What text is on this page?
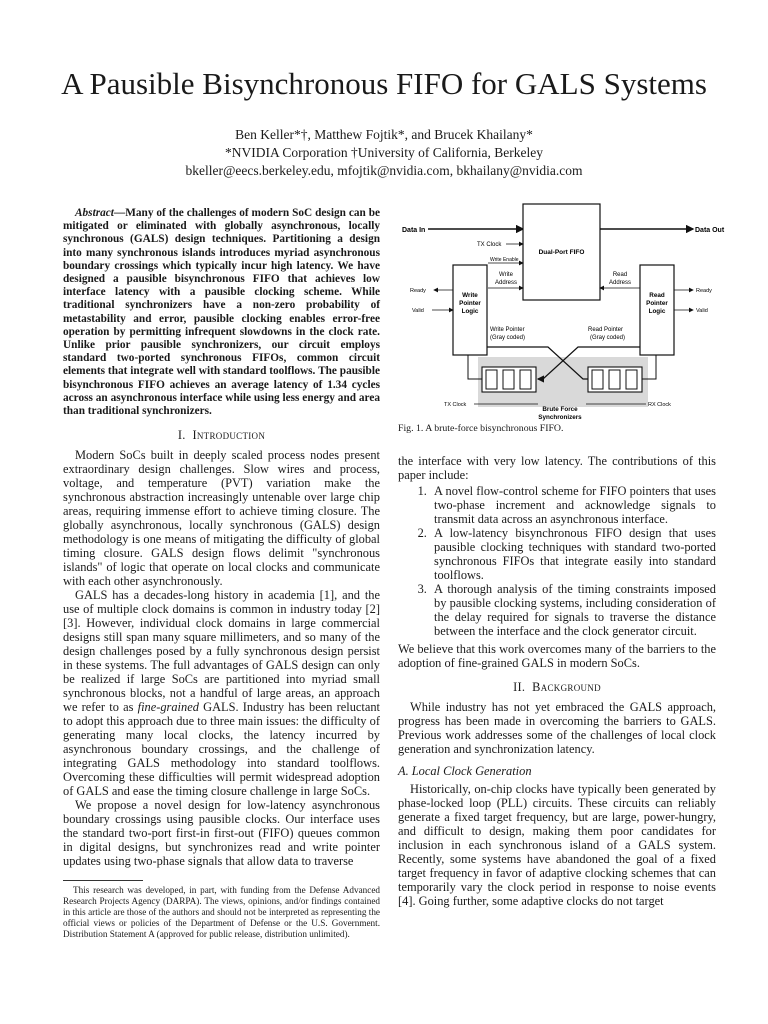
A Pausible Bisynchronous FIFO for GALS Systems
Ben Keller*†, Matthew Fojtik*, and Brucek Khailany*
*NVIDIA Corporation †University of California, Berkeley
bkeller@eecs.berkeley.edu, mfojtik@nvidia.com, bkhailany@nvidia.com

Abstract—Many of the challenges of modern SoC design can be mitigated or eliminated with globally asynchronous, locally synchronous (GALS) design techniques. Partitioning a design into many synchronous islands introduces myriad asynchronous boundary crossings which typically incur high latency. We have designed a pausible bisynchronous FIFO that achieves low interface latency with a pausible clocking scheme. While traditional synchronizers have a non-zero probability of metastability and error, pausible clocking enables error-free operation by permitting infrequent slowdowns in the clock rate. Unlike prior pausible synchronizers, our circuit employs standard two-ported synchronous FIFOs, common circuit elements that integrate well with standard toolflows. The pausible bisynchronous FIFO achieves an average latency of 1.34 cycles across an asynchronous interface while using less energy and area than traditional synchronizers.

I. Introduction

Modern SoCs built in deeply scaled process nodes present extraordinary design challenges. Slow wires and process, voltage, and temperature (PVT) variation make the synchronous abstraction increasingly untenable over large chip areas, requiring immense effort to achieve timing closure. The globally asynchronous, locally synchronous (GALS) design methodology is one means of mitigating the difficulty of global timing closure. GALS design flows delimit "synchronous islands" of logic that operate on local clocks and communicate with each other asynchronously.

GALS has a decades-long history in academia [1], and the use of multiple clock domains is common in industry today [2] [3]. However, individual clock domains in large commercial designs still span many square millimeters, and so many of the design challenges posed by a fully synchronous design persist in these systems. The full advantages of GALS design can only be realized if large SoCs are partitioned into myriad small synchronous blocks, not a handful of large areas, an approach we refer to as fine-grained GALS. Industry has been reluctant to adopt this approach due to three main issues: the difficulty of generating many local clocks, the latency incurred by asynchronous boundary crossings, and the challenge of integrating GALS methodology into standard toolflows. Overcoming these difficulties will permit widespread adoption of GALS and ease the timing closure challenge in large SoCs.

We propose a novel design for low-latency asynchronous boundary crossings using pausible clocks. Our interface uses the standard two-port first-in first-out (FIFO) queues common in digital designs, but synchronizes read and write pointer updates using two-phase signals that allow data to traverse

This research was developed, in part, with funding from the Defense Advanced Research Projects Agency (DARPA). The views, opinions, and/or findings contained in this article are those of the authors and should not be interpreted as representing the official views or policies of the Department of Defense or the U.S. Government. Distribution Statement A (approved for public release, distribution unlimited).

Data In	Data Out
Dual-Port FIFO
TX Clock
Write Enable
Write
Address
Read
Address
Write
Pointer
Logic
Read
Pointer
Logic
Ready
Valid
Ready
Valid
Write Pointer
(Gray coded)
Read Pointer
(Gray coded)
TX Clock	RX Clock
Brute Force
Synchronizers

Fig. 1. A brute-force bisynchronous FIFO.

the interface with very low latency. The contributions of this paper include:

1. A novel flow-control scheme for FIFO pointers that uses two-phase increment and acknowledge signals to transmit data across an asynchronous interface.
2. A low-latency bisynchronous FIFO design that uses pausible clocking techniques with standard two-ported synchronous FIFOs that integrate easily into standard toolflows.
3. A thorough analysis of the timing constraints imposed by pausible clocking systems, including consideration of the delay required for signals to traverse the distance between the interface and the clock generator circuit.

We believe that this work overcomes many of the barriers to the adoption of fine-grained GALS in modern SoCs.

II. Background

While industry has not yet embraced the GALS approach, progress has been made in overcoming the barriers to GALS. Previous work addresses some of the challenges of local clock generation and synchronization latency.

A. Local Clock Generation

Historically, on-chip clocks have typically been generated by phase-locked loop (PLL) circuits. These circuits can reliably generate a fixed target frequency, but are large, power-hungry, and difficult to design, making them poor candidates for inclusion in each synchronous island of a GALS system. Recently, some systems have abandoned the goal of a fixed target frequency in favor of adaptive clocking schemes that can temporarily vary the clock period in response to noise events [4]. Going further, some adaptive clocks do not target
